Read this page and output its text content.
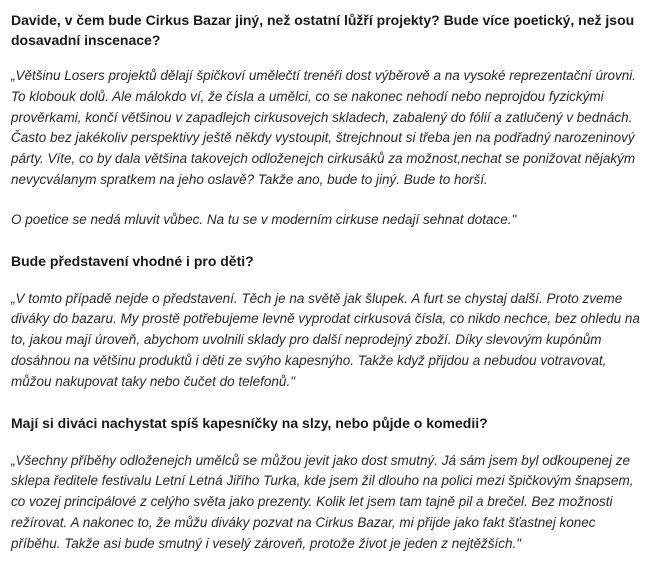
Davide, v čem bude Cirkus Bazar jiný, než ostatní lůžří projekty? Bude více poetický, než jsou dosavadní inscenace?

„Většinu Losers projektů dělají špičkoví umělečtí trenéři dost výběrově a na vysoké reprezentační úrovni. To klobouk dolů. Ale málokdo ví, že čísla a umělci, co se nakonec nehodí nebo neprojdou fyzickými prověrkami, končí většinou v zapadlejch cirkusovejch skladech, zabalený do fólií a zatlučený v bednách. Často bez jakékoliv perspektivy ještě někdy vystoupit, štrejchnout si třeba jen na podřadný narozeninový párty. Víte, co by dala většina takovejch odloženejch cirkusáků za možnost,nechat se ponižovat nějakým nevycválanym spratkem na jeho oslavě? Takže ano, bude to jiný. Bude to horší.

O poetice se nedá mluvit vůbec. Na tu se v moderním cirkuse nedají sehnat dotace."

Bude představení vhodné i pro děti?

„V tomto případě nejde o představení. Těch je na světě jak šlupek. A furt se chystaj další. Proto zveme diváky do bazaru. My prostě potřebujeme levně vyprodat cirkusová čísla, co nikdo nechce, bez ohledu na to, jakou mají úroveň, abychom uvolnili sklady pro další neprodejný zboží. Díky slevovým kupónům dosáhnou na většinu produktů i děti ze svýho kapesnýho. Takže když přijdou a nebudou votravovat, můžou nakupovat taky nebo čučet do telefonů."

Mají si diváci nachystat spíš kapesníčky na slzy, nebo půjde o komedii?

„Všechny příběhy odloženejch umělců se můžou jevit jako dost smutný. Já sám jsem byl odkoupenej ze sklepa ředitele festivalu Letní Letná Jiřího Turka, kde jsem žil dlouho na polici mezi špičkovým šnapsem, co vozej principálové z celýho světa jako prezenty. Kolik let jsem tam tajně pil a brečel. Bez možnosti režírovat. A nakonec to, že můžu diváky pozvat na Cirkus Bazar, mi přijde jako fakt šťastnej konec příběhu. Takže asi bude smutný i veselý zároveň, protože život je jeden z nejtěžších."
